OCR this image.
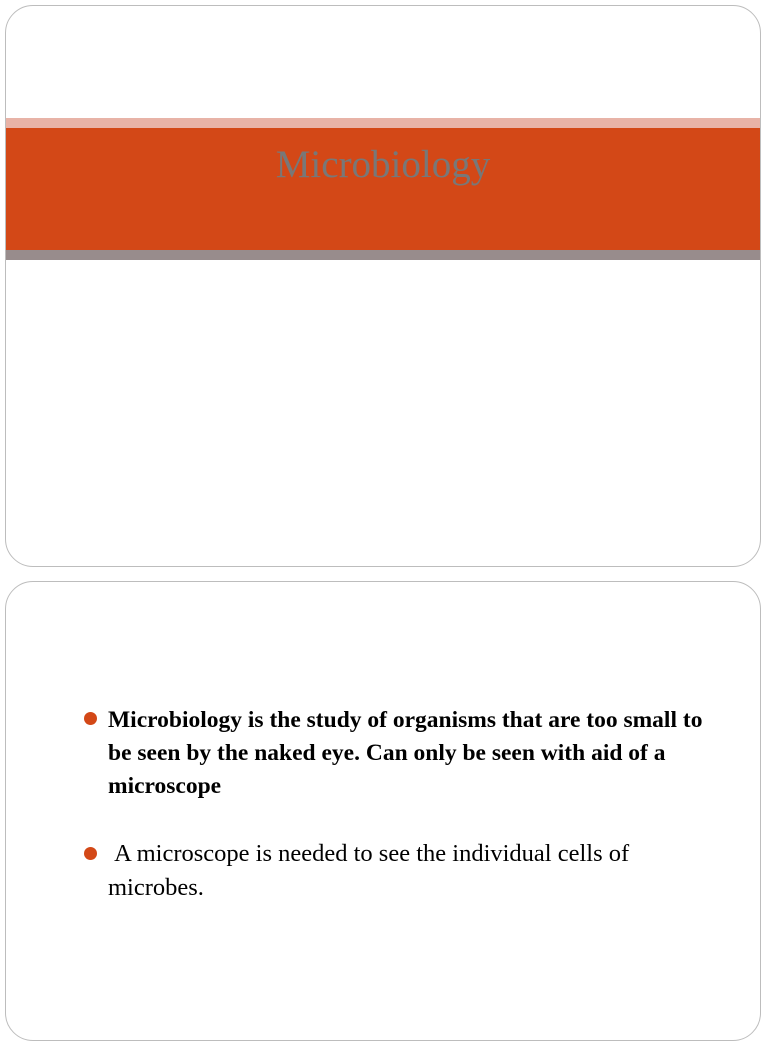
Microbiology
Microbiology is the study of organisms that are too small to be seen by the naked eye. Can only be seen with aid of a microscope
A microscope is needed to see the individual cells of microbes.
